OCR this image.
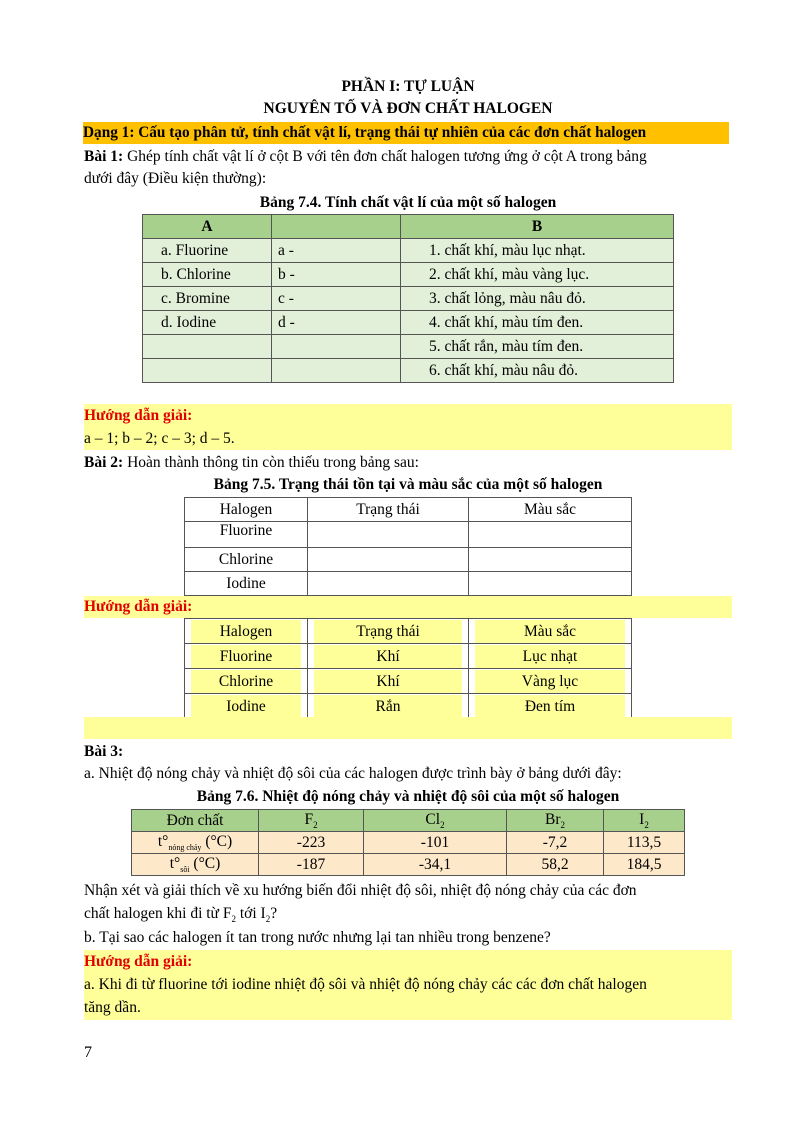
PHẦN I: TỰ LUẬN
NGUYÊN TỐ VÀ ĐƠN CHẤT HALOGEN
Dạng 1: Cấu tạo phân tử, tính chất vật lí, trạng thái tự nhiên của các đơn chất halogen
Bài 1: Ghép tính chất vật lí ở cột B với tên đơn chất halogen tương ứng ở cột A trong bảng
dưới đây (Điều kiện thường):
Bảng 7.4. Tính chất vật lí của một số halogen
A		B
a. Fluorine	a -	1. chất khí, màu lục nhạt.
b. Chlorine	b -	2. chất khí, màu vàng lục.
c. Bromine	c -	3. chất lỏng, màu nâu đỏ.
d. Iodine	d -	4. chất khí, màu tím đen.
		5. chất rắn, màu tím đen.
		6. chất khí, màu nâu đỏ.
Hướng dẫn giải:
a – 1; b – 2; c – 3; d – 5.
Bài 2: Hoàn thành thông tin còn thiếu trong bảng sau:
Bảng 7.5. Trạng thái tồn tại và màu sắc của một số halogen
Halogen	Trạng thái	Màu sắc
Fluorine		
Chlorine		
Iodine		
Hướng dẫn giải:
Halogen	Trạng thái	Màu sắc

Fluorine	Khí	Lục nhạt

Chlorine	Khí	Vàng lục

Iodine	Rắn	Đen tím
Bài 3:
a. Nhiệt độ nóng chảy và nhiệt độ sôi của các halogen được trình bày ở bảng dưới đây:
Bảng 7.6. Nhiệt độ nóng chảy và nhiệt độ sôi của một số halogen
Đơn chất	$F_2$	$Cl_2$	$Br_2$	$I_2$
$t^\circ_{nóng chảy}$ (°C)	-223	-101	-7,2	113,5
$t^\circ_{sôi}$ (°C)	-187	-34,1	58,2	184,5
Nhận xét và giải thích về xu hướng biến đổi nhiệt độ sôi, nhiệt độ nóng chảy của các đơn
chất halogen khi đi từ $F_2$ tới $I_2$?
b. Tại sao các halogen ít tan trong nước nhưng lại tan nhiều trong benzene?
Hướng dẫn giải:
a. Khi đi từ fluorine tới iodine nhiệt độ sôi và nhiệt độ nóng chảy các các đơn chất halogen
tăng dần.
7
